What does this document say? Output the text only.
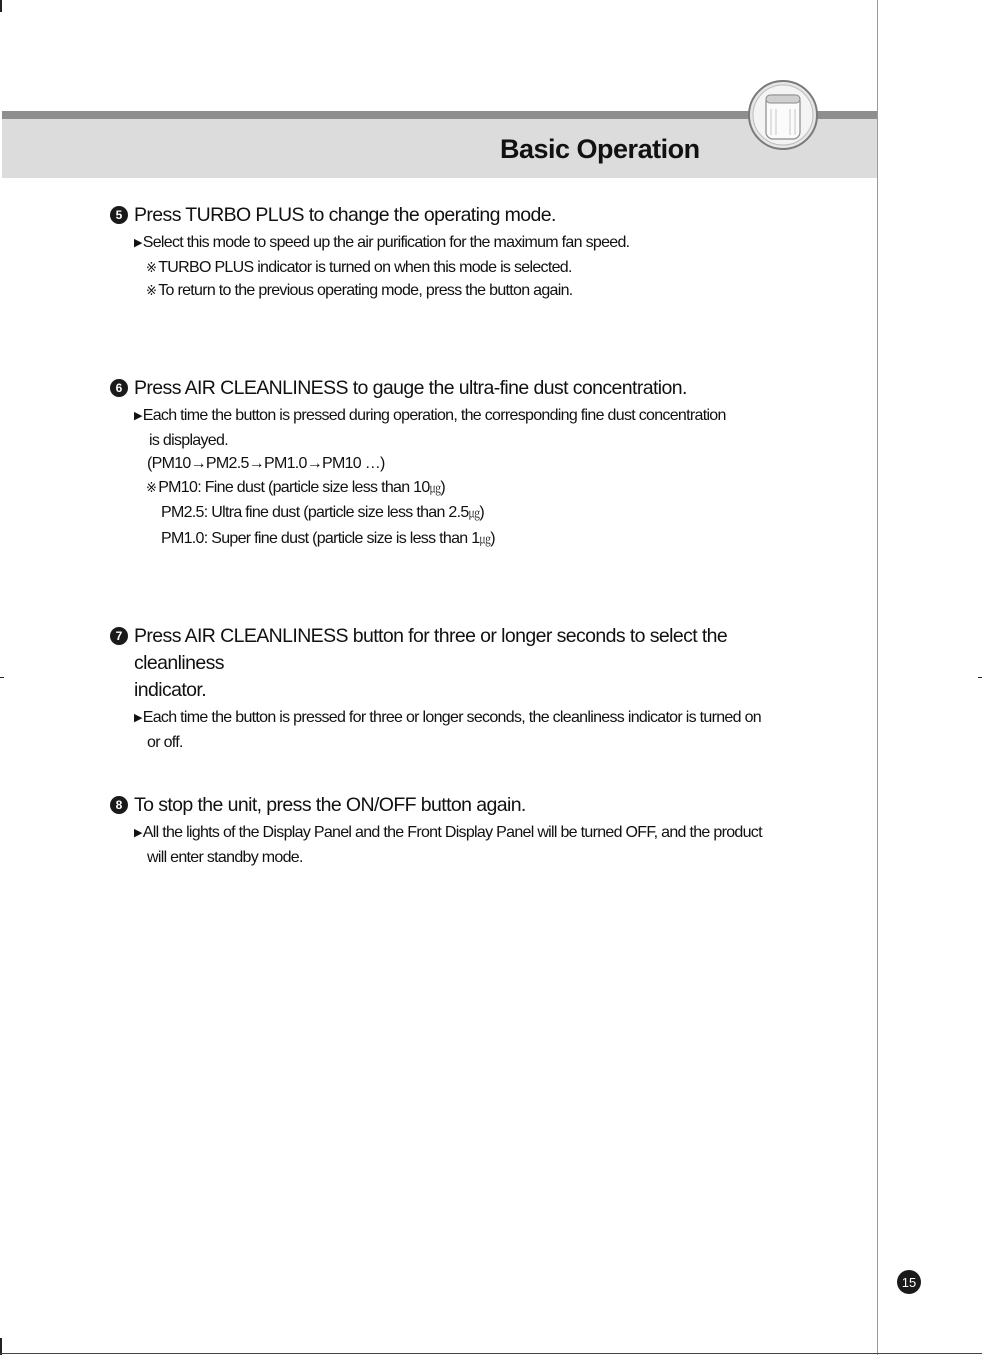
Basic Operation
5 Press TURBO PLUS to change the operating mode.
▶Select this mode to speed up the air purification for the maximum fan speed.
※ TURBO PLUS indicator is turned on when this mode is selected.
※ To return to the previous operating mode, press the button again.
6 Press AIR CLEANLINESS to gauge the ultra-fine dust concentration.
▶Each time the button is pressed during operation, the corresponding fine dust concentration
is displayed.
(PM10→PM2.5→PM1.0→PM10 …)
※ PM10: Fine dust (particle size less than 10㎍)
PM2.5: Ultra fine dust (particle size less than 2.5㎍)
PM1.0: Super fine dust (particle size is less than 1㎍)
7 Press AIR CLEANLINESS button for three or longer seconds to select the cleanliness
indicator.
▶Each time the button is pressed for three or longer seconds, the cleanliness indicator is turned on
or off.
8 To stop the unit, press the ON/OFF button again.
▶All the lights of the Display Panel and the Front Display Panel will be turned OFF, and the product
will enter standby mode.
15
